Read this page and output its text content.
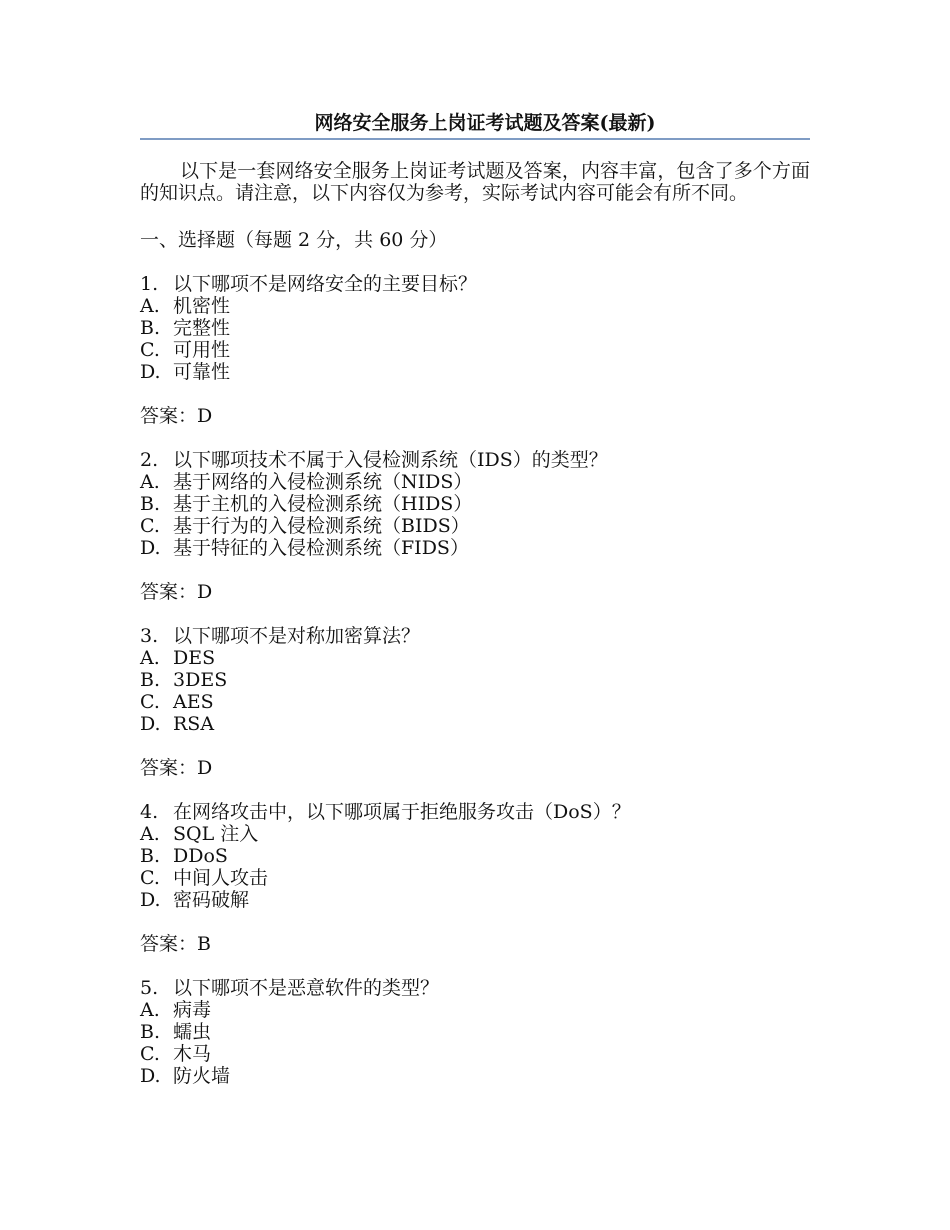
网络安全服务上岗证考试题及答案(最新)

以下是一套网络安全服务上岗证考试题及答案，内容丰富，包含了多个方面的知识点。请注意，以下内容仅为参考，实际考试内容可能会有所不同。

一、选择题（每题 2 分，共 60 分）
1. 以下哪项不是网络安全的主要目标？
A. 机密性
B. 完整性
C. 可用性
D. 可靠性
答案：D
2. 以下哪项技术不属于入侵检测系统（IDS）的类型？
A. 基于网络的入侵检测系统（NIDS）
B. 基于主机的入侵检测系统（HIDS）
C. 基于行为的入侵检测系统（BIDS）
D. 基于特征的入侵检测系统（FIDS）
答案：D
3. 以下哪项不是对称加密算法？
A. DES
B. 3DES
C. AES
D. RSA
答案：D
4. 在网络攻击中，以下哪项属于拒绝服务攻击（DoS）？
A. SQL 注入
B. DDoS
C. 中间人攻击
D. 密码破解
答案：B
5. 以下哪项不是恶意软件的类型？
A. 病毒
B. 蠕虫
C. 木马
D. 防火墙
